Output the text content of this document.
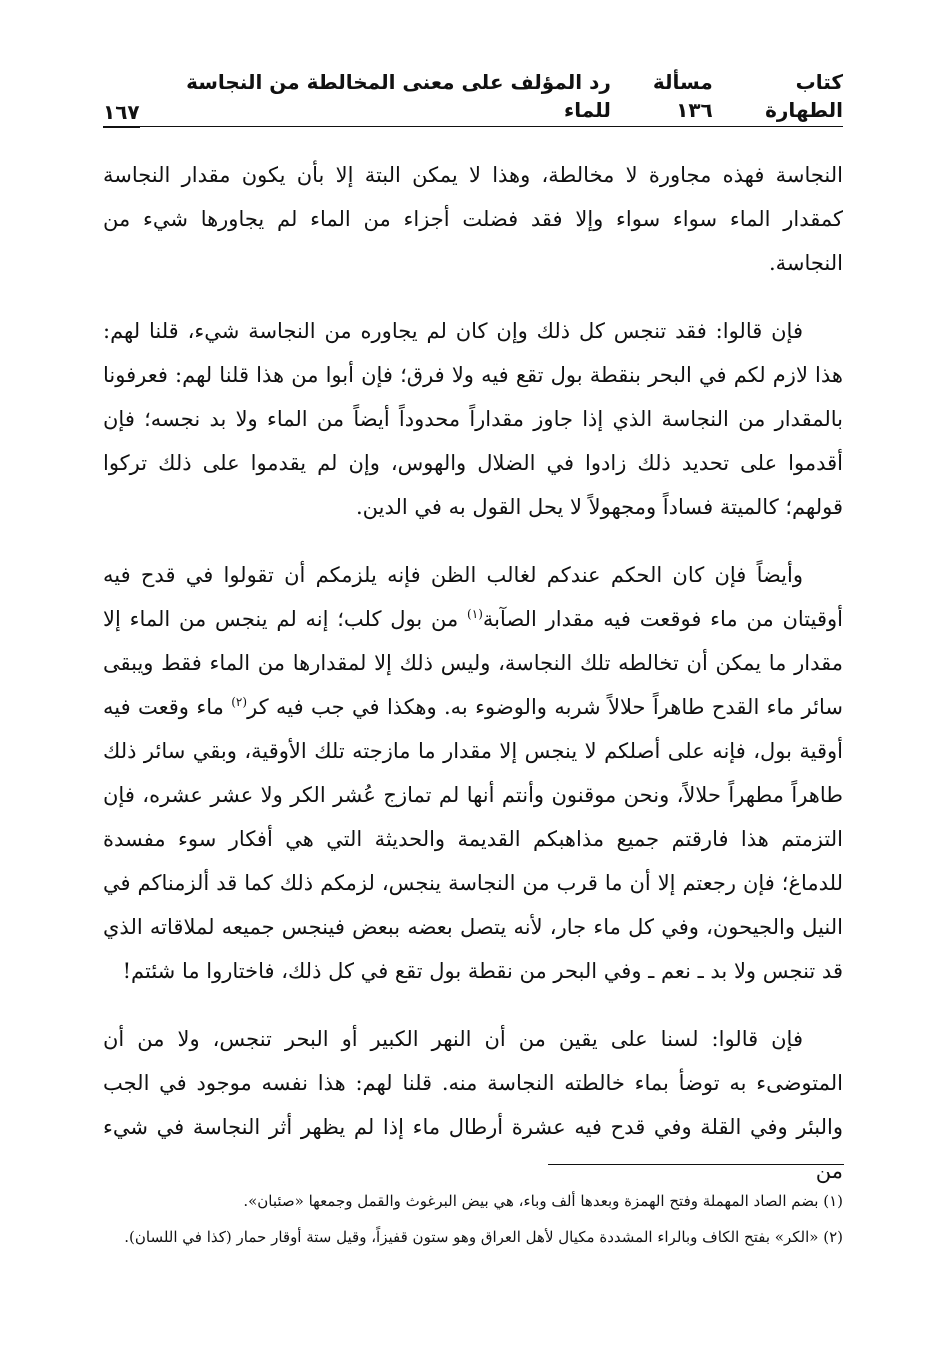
كتاب الطهارة
مسألة ١٣٦
رد المؤلف على معنى المخالطة من النجاسة للماء
١٦٧

النجاسة فهذه مجاورة لا مخالطة، وهذا لا يمكن البتة إلا بأن يكون مقدار النجاسة كمقدار الماء سواء سواء وإلا فقد فضلت أجزاء من الماء لم يجاورها شيء من النجاسة.

فإن قالوا: فقد تنجس كل ذلك وإن كان لم يجاوره من النجاسة شيء، قلنا لهم: هذا لازم لكم في البحر بنقطة بول تقع فيه ولا فرق؛ فإن أبوا من هذا قلنا لهم: فعرفونا بالمقدار من النجاسة الذي إذا جاوز مقداراً محدوداً أيضاً من الماء ولا بد نجسه؛ فإن أقدموا على تحديد ذلك زادوا في الضلال والهوس، وإن لم يقدموا على ذلك تركوا قولهم؛ كالميتة فساداً ومجهولاً لا يحل القول به في الدين.

وأيضاً فإن كان الحكم عندكم لغالب الظن فإنه يلزمكم أن تقولوا في قدح فيه أوقيتان من ماء فوقعت فيه مقدار الصآبة$^{(١)}$ من بول كلب؛ إنه لم ينجس من الماء إلا مقدار ما يمكن أن تخالطه تلك النجاسة، وليس ذلك إلا لمقدارها من الماء فقط ويبقى سائر ماء القدح طاهراً حلالاً شربه والوضوء به. وهكذا في جب فيه كر$^{(٢)}$ ماء وقعت فيه أوقية بول، فإنه على أصلكم لا ينجس إلا مقدار ما مازجته تلك الأوقية، وبقي سائر ذلك طاهراً مطهراً حلالاً، ونحن موقنون وأنتم أنها لم تمازج عُشر الكر ولا عشر عشره، فإن التزمتم هذا فارقتم جميع مذاهبكم القديمة والحديثة التي هي أفكار سوء مفسدة للدماغ؛ فإن رجعتم إلا أن ما قرب من النجاسة ينجس، لزمكم ذلك كما قد ألزمناكم في النيل والجيحون، وفي كل ماء جار، لأنه يتصل بعضه ببعض فينجس جميعه لملاقاته الذي قد تنجس ولا بد ـ نعم ـ وفي البحر من نقطة بول تقع في كل ذلك، فاختاروا ما شئتم!

فإن قالوا: لسنا على يقين من أن النهر الكبير أو البحر تنجس، ولا من أن المتوضىء به توضأ بماء خالطته النجاسة منه. قلنا لهم: هذا نفسه موجود في الجب والبئر وفي القلة وفي قدح فيه عشرة أرطال ماء إذا لم يظهر أثر النجاسة في شيء من

(١) بضم الصاد المهملة وفتح الهمزة وبعدها ألف وباء، هي بيض البرغوث والقمل وجمعها «صئبان».

(٢) «الكر» بفتح الكاف وبالراء المشددة مكيال لأهل العراق وهو ستون قفيزاً، وقيل ستة أوقار حمار (كذا في اللسان).
